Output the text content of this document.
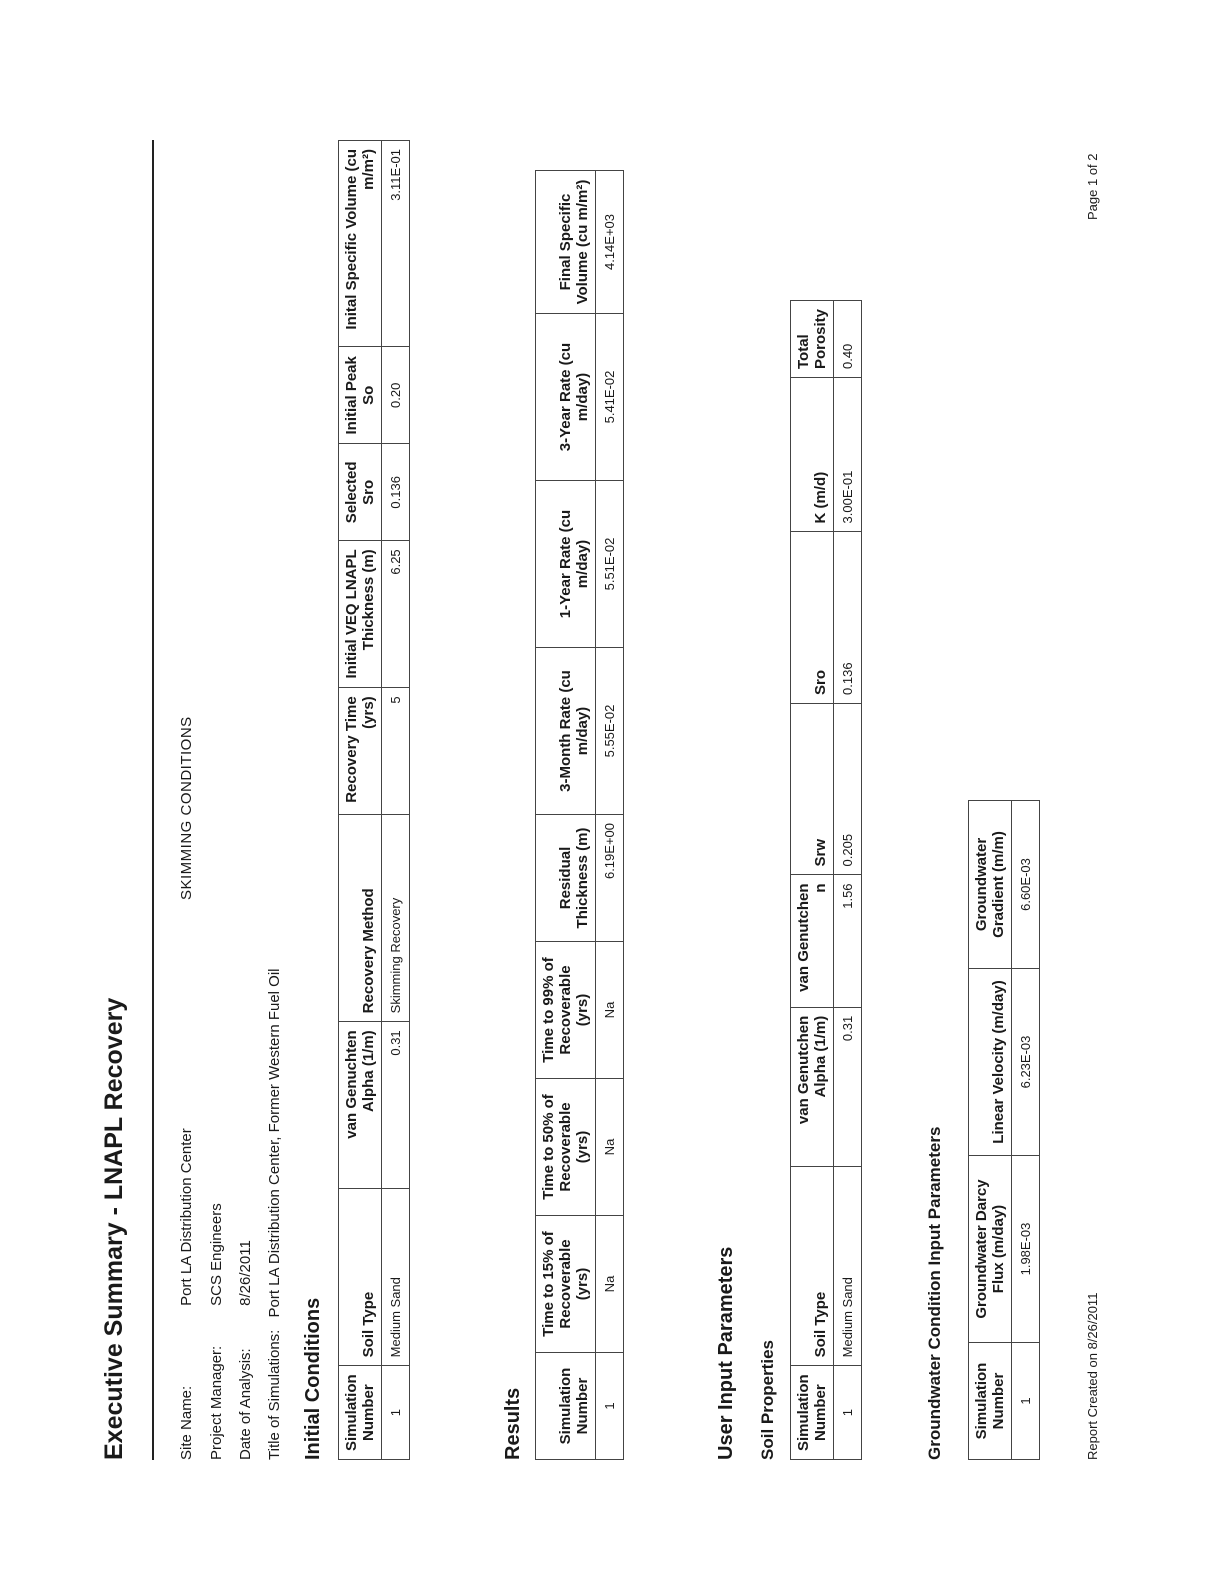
Executive Summary - LNAPL Recovery	Site Name: Port LA Distribution Center
SKIMMING CONDITIONS
Project Manager: SCS Engineers
Date of Analysis: 8/26/2011
Title of Simulations: Port LA Distribution Center, Former Western Fuel Oil
Initial Conditions Simulation Number	Soil Type	van Genuchten Alpha (1/m)	Recovery Method	Recovery Time (yrs)	Initial VEQ LNAPL Thickness (m)	Selected Sro	Initial Peak So	Inital Specific Volume (cu m/m²)
1	Medium Sand	0.31	Skimming Recovery	5	6.25	0.136	0.20	3.11E-01
Results Simulation Number	Time to 15% of Recoverable (yrs)	Time to 50% of Recoverable (yrs)	Time to 99% of Recoverable (yrs)	Residual Thickness (m)	3-Month Rate (cu m/day)	1-Year Rate (cu m/day)	3-Year Rate (cu m/day)	Final Specific Volume (cu m/m²)
1	Na	Na	Na	6.19E+00	5.55E-02	5.51E-02	5.41E-02	4.14E+03
User Input Parameters Soil Properties Simulation Number	Soil Type	van Genutchen Alpha (1/m)	van Genutchen n	Srw	Sro	K (m/d)	Total Porosity
1	Medium Sand	0.31	1.56	0.205	0.136	3.00E-01	0.40
Groundwater Condition Input Parameters Simulation Number	Groundwater Darcy Flux (m/day)	Linear Velocity (m/day)	Groundwater Gradient (m/m)
1	1.98E-03	6.23E-03	6.60E-03
Report Created on 8/26/2011
Page 1 of 2
